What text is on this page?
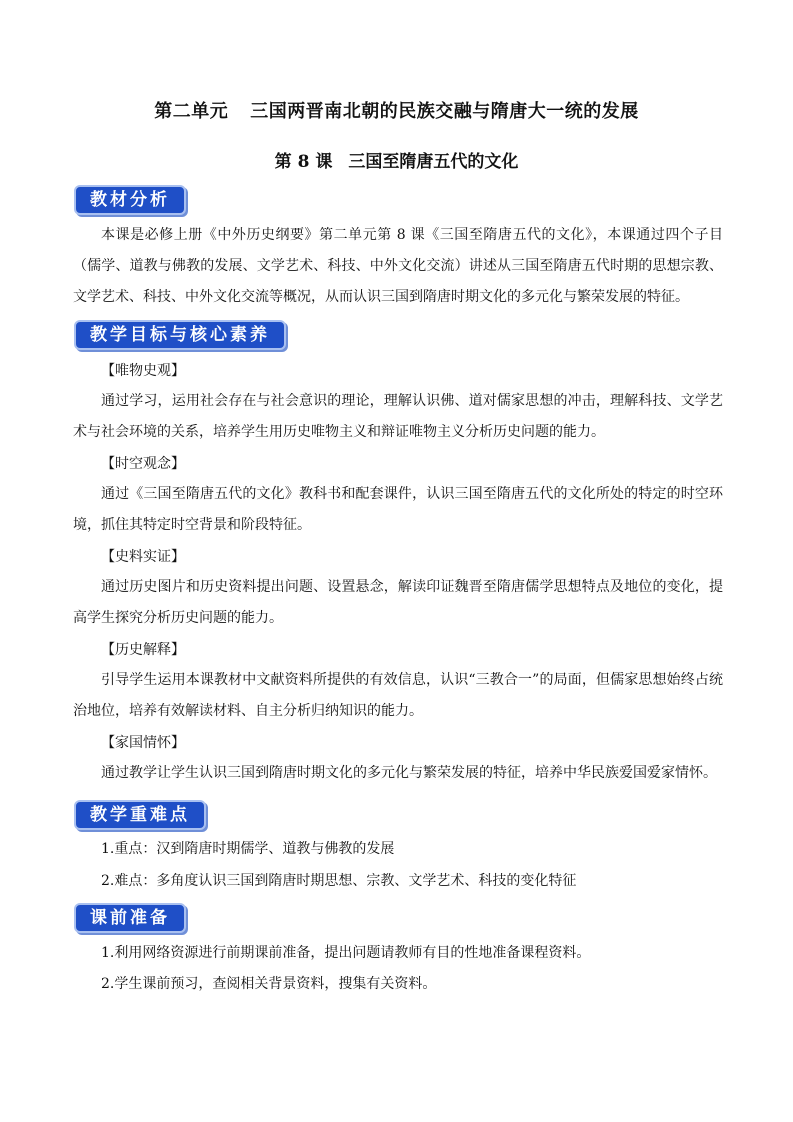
第二单元 三国两晋南北朝的民族交融与隋唐大一统的发展
第 8 课 三国至隋唐五代的文化
教材分析

本课是必修上册《中外历史纲要》第二单元第 8 课《三国至隋唐五代的文化》，本课通过四个子目（儒学、道教与佛教的发展、文学艺术、科技、中外文化交流）讲述从三国至隋唐五代时期的思想宗教、文学艺术、科技、中外文化交流等概况，从而认识三国到隋唐时期文化的多元化与繁荣发展的特征。

教学目标与核心素养

【唯物史观】

通过学习，运用社会存在与社会意识的理论，理解认识佛、道对儒家思想的冲击，理解科技、文学艺术与社会环境的关系，培养学生用历史唯物主义和辩证唯物主义分析历史问题的能力。

【时空观念】

通过《三国至隋唐五代的文化》教科书和配套课件，认识三国至隋唐五代的文化所处的特定的时空环境，抓住其特定时空背景和阶段特征。

【史料实证】

通过历史图片和历史资料提出问题、设置悬念，解读印证魏晋至隋唐儒学思想特点及地位的变化，提高学生探究分析历史问题的能力。

【历史解释】

引导学生运用本课教材中文献资料所提供的有效信息，认识“三教合一”的局面，但儒家思想始终占统治地位，培养有效解读材料、自主分析归纳知识的能力。

【家国情怀】

通过教学让学生认识三国到隋唐时期文化的多元化与繁荣发展的特征，培养中华民族爱国爱家情怀。

教学重难点

1.重点：汉到隋唐时期儒学、道教与佛教的发展

2.难点：多角度认识三国到隋唐时期思想、宗教、文学艺术、科技的变化特征

课前准备

1.利用网络资源进行前期课前准备，提出问题请教师有目的性地准备课程资料。

2.学生课前预习，查阅相关背景资料，搜集有关资料。
